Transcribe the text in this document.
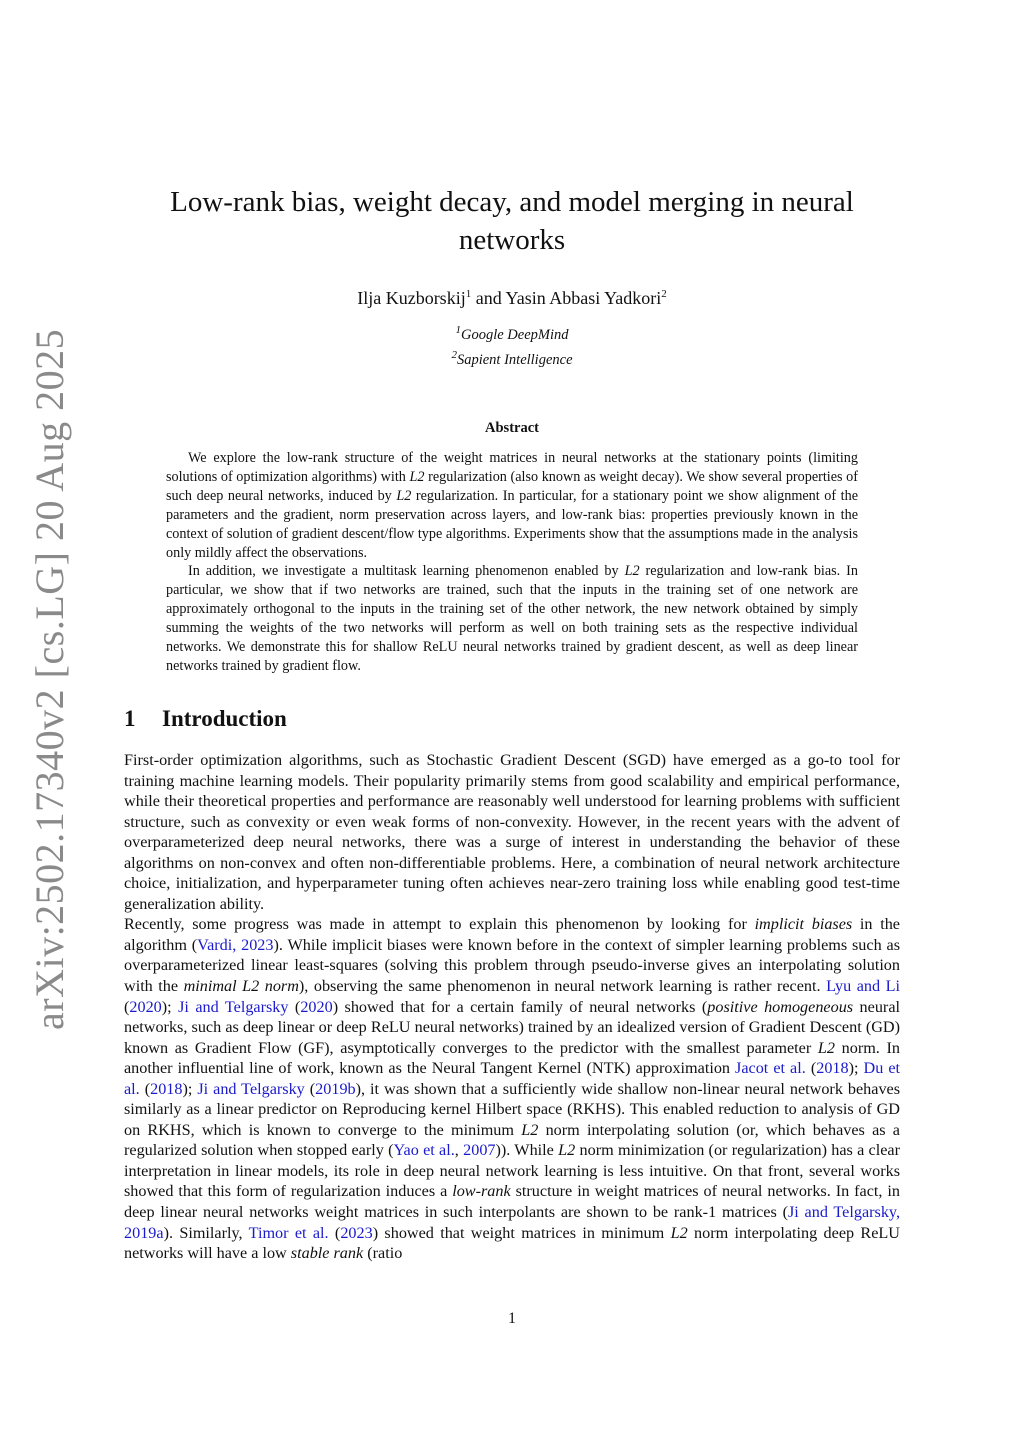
arXiv:2502.17340v2 [cs.LG] 20 Aug 2025
Low-rank bias, weight decay, and model merging in neural networks
Ilja Kuzborskij$^1$ and Yasin Abbasi Yadkori$^2$
$^1$Google DeepMind
$^2$Sapient Intelligence
Abstract

We explore the low-rank structure of the weight matrices in neural networks at the stationary points (limiting solutions of optimization algorithms) with L2 regularization (also known as weight decay). We show several properties of such deep neural networks, induced by L2 regularization. In particular, for a stationary point we show alignment of the parameters and the gradient, norm preservation across layers, and low-rank bias: properties previously known in the context of solution of gradient descent/flow type algorithms. Experiments show that the assumptions made in the analysis only mildly affect the observations.

In addition, we investigate a multitask learning phenomenon enabled by L2 regularization and low-rank bias. In particular, we show that if two networks are trained, such that the inputs in the training set of one network are approximately orthogonal to the inputs in the training set of the other network, the new network obtained by simply summing the weights of the two networks will perform as well on both training sets as the respective individual networks. We demonstrate this for shallow ReLU neural networks trained by gradient descent, as well as deep linear networks trained by gradient flow.

1 Introduction

First-order optimization algorithms, such as Stochastic Gradient Descent (SGD) have emerged as a go-to tool for training machine learning models. Their popularity primarily stems from good scalability and empirical performance, while their theoretical properties and performance are reasonably well understood for learning problems with sufficient structure, such as convexity or even weak forms of non-convexity. However, in the recent years with the advent of overparameterized deep neural networks, there was a surge of interest in understanding the behavior of these algorithms on non-convex and often non-differentiable problems. Here, a combination of neural network architecture choice, initialization, and hyperparameter tuning often achieves near-zero training loss while enabling good test-time generalization ability.

Recently, some progress was made in attempt to explain this phenomenon by looking for implicit biases in the algorithm (Vardi, 2023). While implicit biases were known before in the context of simpler learning problems such as overparameterized linear least-squares (solving this problem through pseudo-inverse gives an interpolating solution with the minimal L2 norm), observing the same phenomenon in neural network learning is rather recent. Lyu and Li (2020); Ji and Telgarsky (2020) showed that for a certain family of neural networks (positive homogeneous neural networks, such as deep linear or deep ReLU neural networks) trained by an idealized version of Gradient Descent (GD) known as Gradient Flow (GF), asymptotically converges to the predictor with the smallest parameter L2 norm. In another influential line of work, known as the Neural Tangent Kernel (NTK) approximation Jacot et al. (2018); Du et al. (2018); Ji and Telgarsky (2019b), it was shown that a sufficiently wide shallow non-linear neural network behaves similarly as a linear predictor on Reproducing kernel Hilbert space (RKHS). This enabled reduction to analysis of GD on RKHS, which is known to converge to the minimum L2 norm interpolating solution (or, which behaves as a regularized solution when stopped early (Yao et al., 2007)). While L2 norm minimization (or regularization) has a clear interpretation in linear models, its role in deep neural network learning is less intuitive. On that front, several works showed that this form of regularization induces a low-rank structure in weight matrices of neural networks. In fact, in deep linear neural networks weight matrices in such interpolants are shown to be rank-1 matrices (Ji and Telgarsky, 2019a). Similarly, Timor et al. (2023) showed that weight matrices in minimum L2 norm interpolating deep ReLU networks will have a low stable rank (ratio

1
